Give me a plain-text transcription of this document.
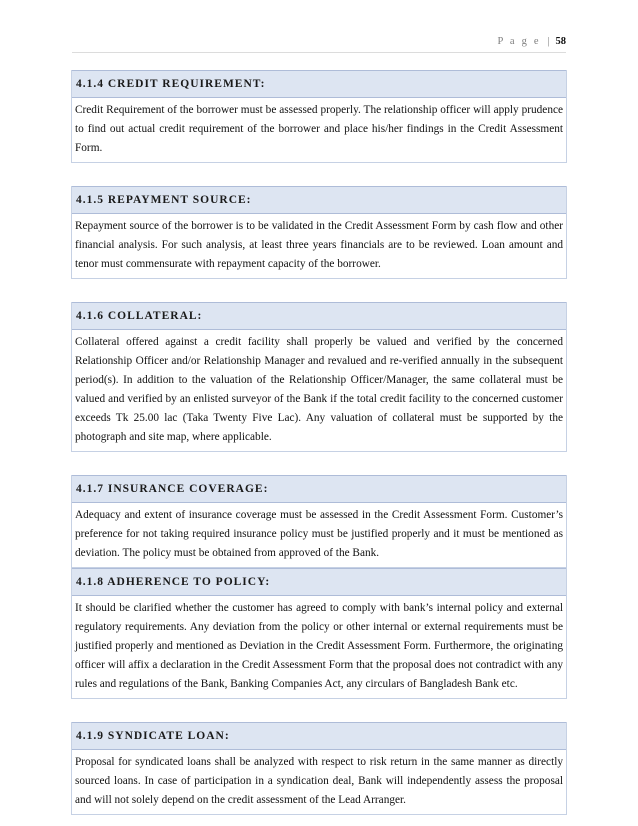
P a g e | 58
4.1.4 CREDIT REQUIREMENT:
Credit Requirement of the borrower must be assessed properly. The relationship officer will apply prudence to find out actual credit requirement of the borrower and place his/her findings in the Credit Assessment Form.
4.1.5 REPAYMENT SOURCE:
Repayment source of the borrower is to be validated in the Credit Assessment Form by cash flow and other financial analysis. For such analysis, at least three years financials are to be reviewed. Loan amount and tenor must commensurate with repayment capacity of the borrower.
4.1.6 COLLATERAL:
Collateral offered against a credit facility shall properly be valued and verified by the concerned Relationship Officer and/or Relationship Manager and revalued and re-verified annually in the subsequent period(s). In addition to the valuation of the Relationship Officer/Manager, the same collateral must be valued and verified by an enlisted surveyor of the Bank if the total credit facility to the concerned customer exceeds Tk 25.00 lac (Taka Twenty Five Lac). Any valuation of collateral must be supported by the photograph and site map, where applicable.
4.1.7 INSURANCE COVERAGE:
Adequacy and extent of insurance coverage must be assessed in the Credit Assessment Form. Customer’s preference for not taking required insurance policy must be justified properly and it must be mentioned as deviation. The policy must be obtained from approved of the Bank.
4.1.8 ADHERENCE TO POLICY:
It should be clarified whether the customer has agreed to comply with bank’s internal policy and external regulatory requirements. Any deviation from the policy or other internal or external requirements must be justified properly and mentioned as Deviation in the Credit Assessment Form. Furthermore, the originating officer will affix a declaration in the Credit Assessment Form that the proposal does not contradict with any rules and regulations of the Bank, Banking Companies Act, any circulars of Bangladesh Bank etc.
4.1.9 SYNDICATE LOAN:
Proposal for syndicated loans shall be analyzed with respect to risk return in the same manner as directly sourced loans. In case of participation in a syndication deal, Bank will independently assess the proposal and will not solely depend on the credit assessment of the Lead Arranger.
